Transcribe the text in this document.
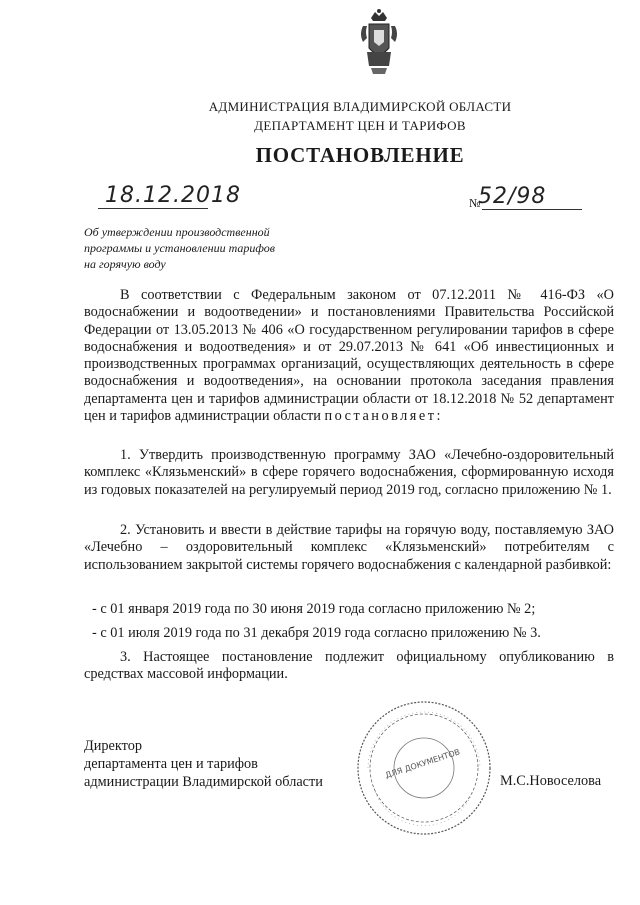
АДМИНИСТРАЦИЯ ВЛАДИМИРСКОЙ ОБЛАСТИ
ДЕПАРТАМЕНТ ЦЕН И ТАРИФОВ
ПОСТАНОВЛЕНИЕ
18.12.2018	№
52/98
Об утверждении производственной
программы и установлении тарифов
на горячую воду
В соответствии с Федеральным законом от 07.12.2011 № 416-ФЗ «О водоснабжении и водоотведении» и постановлениями Правительства Российской Федерации от 13.05.2013 № 406 «О государственном регулировании тарифов в сфере водоснабжения и водоотведения» и от 29.07.2013 № 641 «Об инвестиционных и производственных программах организаций, осуществляющих деятельность в сфере водоснабжения и водоотведения», на основании протокола заседания правления департамента цен и тарифов администрации области от 18.12.2018 № 52 департамент цен и тарифов администрации области постановляет:
1. Утвердить производственную программу ЗАО «Лечебно-оздоровительный комплекс «Клязьменский» в сфере горячего водоснабжения, сформированную исходя из годовых показателей на регулируемый период 2019 год, согласно приложению № 1.
2. Установить и ввести в действие тарифы на горячую воду, поставляемую ЗАО «Лечебно – оздоровительный комплекс «Клязьменский» потребителям с использованием закрытой системы горячего водоснабжения с календарной разбивкой:
- с 01 января 2019 года по 30 июня 2019 года согласно приложению № 2;
- с 01 июля 2019 года по 31 декабря 2019 года согласно приложению № 3.
3. Настоящее постановление подлежит официальному опубликованию в средствах массовой информации.
Директор
департамента цен и тарифов
администрации Владимирской области
ДЛЯ ДОКУМЕНТОВ
М.С.Новоселова
